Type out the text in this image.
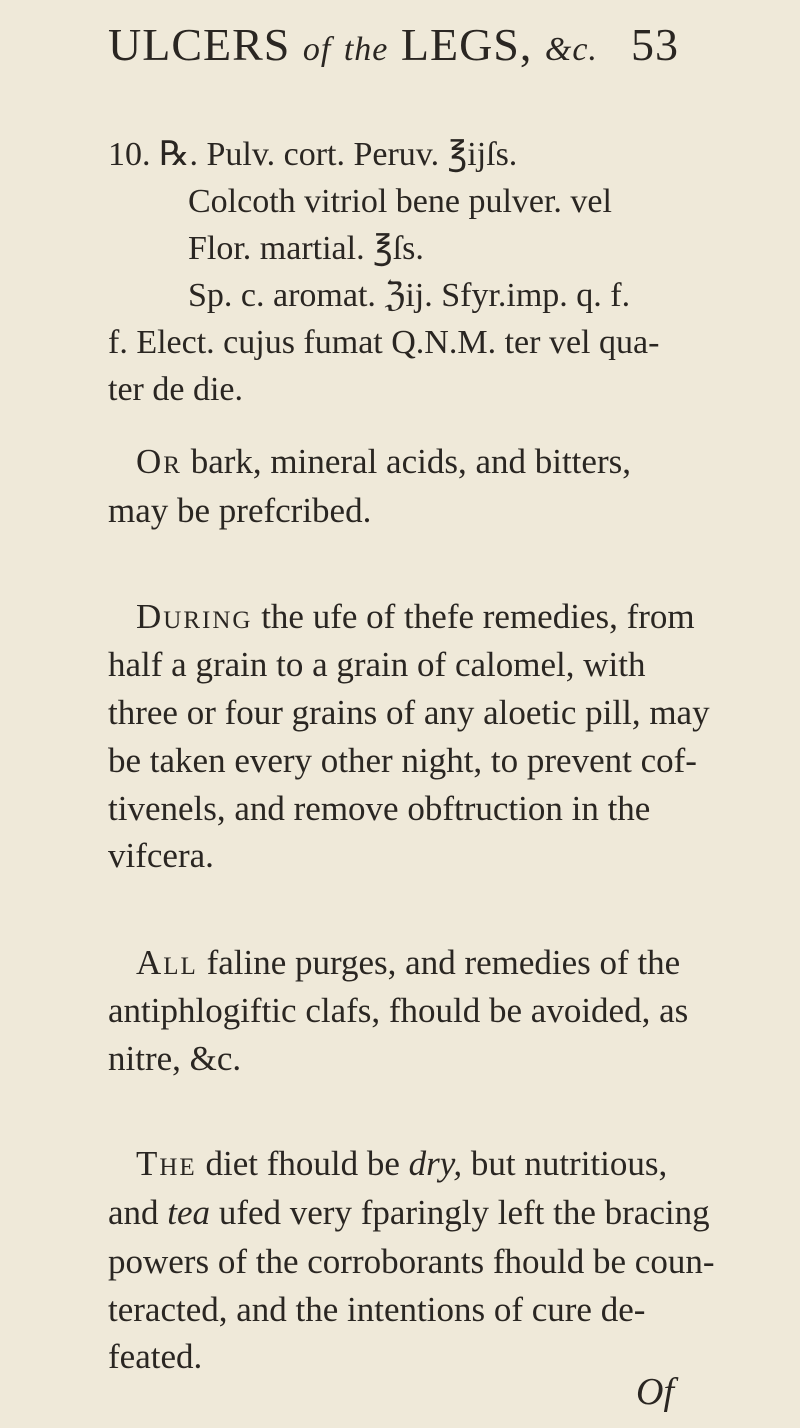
ULCERS of the LEGS, &c. 53
10. ℞. Pulv. cort. Peruv. ℥ijſs.
Colcoth vitriol bene pulver. vel
Flor. martial. ℥ſs.
Sp. c. aromat. ℨij. Sfyr.imp. q. f.
f. Elect. cujus fumat Q.N.M. ter vel qua-
ter de die.
Or bark, mineral acids, and bitters,
may be prefcribed.
During the ufe of thefe remedies, from
half a grain to a grain of calomel, with
three or four grains of any aloetic pill, may
be taken every other night, to prevent cof-
tivenels, and remove obftruction in the
vifcera.
All faline purges, and remedies of the
antiphlogiftic clafs, fhould be avoided, as
nitre, &c.
The diet fhould be dry, but nutritious,
and tea ufed very fparingly left the bracing
powers of the corroborants fhould be coun-
teracted, and the intentions of cure de-
feated.
Of
